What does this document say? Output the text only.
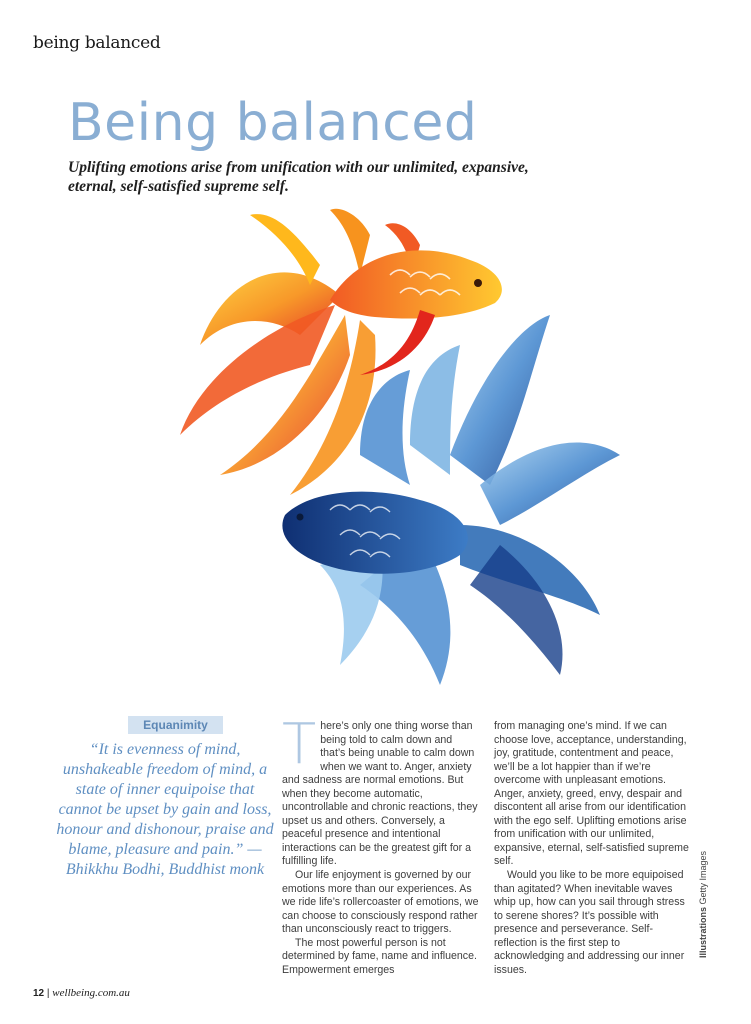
being balanced
Being balanced

Uplifting emotions arise from unification with our unlimited, expansive, eternal, self-satisfied supreme self.

Equanimity

“It is evenness of mind, unshakeable freedom of mind, a state of inner equipoise that cannot be upset by gain and loss, honour and dishonour, praise and blame, pleasure and pain.” — Bhikkhu Bodhi, Buddhist monk

There’s only one thing worse than being told to calm down and that’s being unable to calm down when we want to. Anger, anxiety and sadness are normal emotions. But when they become automatic, uncontrollable and chronic reactions, they upset us and others. Conversely, a peaceful presence and intentional interactions can be the greatest gift for a fulfilling life.

Our life enjoyment is governed by our emotions more than our experiences. As we ride life’s rollercoaster of emotions, we can choose to consciously respond rather than unconsciously react to triggers.

The most powerful person is not determined by fame, name and influence. Empowerment emerges

from managing one’s mind. If we can choose love, acceptance, understanding, joy, gratitude, contentment and peace, we’ll be a lot happier than if we’re overcome with unpleasant emotions. Anger, anxiety, greed, envy, despair and discontent all arise from our identification with the ego self. Uplifting emotions arise from unification with our unlimited, expansive, eternal, self-satisfied supreme self.

Would you like to be more equipoised than agitated? When inevitable waves whip up, how can you sail through stress to serene shores? It’s possible with presence and perseverance. Self-reflection is the first step to acknowledging and addressing our inner issues.

Illustrations Getty Images
12 | wellbeing.com.au
